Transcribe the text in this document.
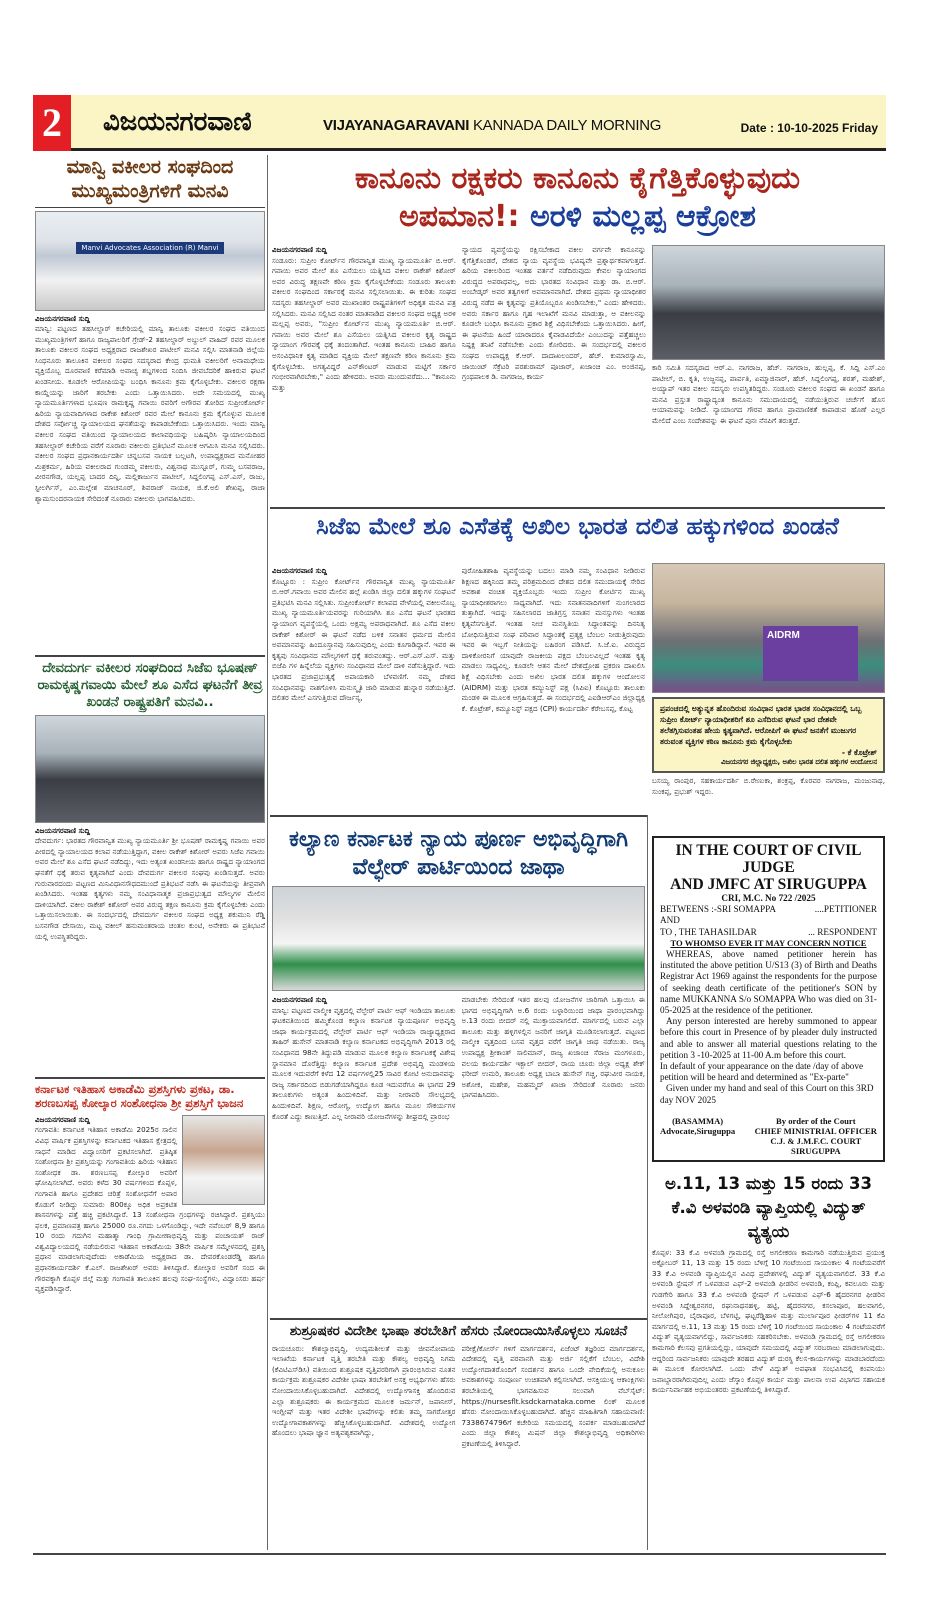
2	ವಿಜಯನಗರವಾಣಿ	VIJAYANAGARAVANI KANNADA DAILY MORNING	Date : 10-10-2025 Friday
ಮಾನ್ವಿ ವಕೀಲರ ಸಂಘದಿಂದ ಮುಖ್ಯಮಂತ್ರಿಗಳಿಗೆ ಮನವಿ
Manvi Advocates Association (R) Manvi
ವಿಜಯನಗರವಾಣಿ ಸುದ್ದಿ
ಮಾನ್ವಿ: ಪಟ್ಟಣದ ತಹಸೀಲ್ದಾರ್ ಕಚೇರಿಯಲ್ಲಿ ಮಾನ್ವಿ ತಾಲೂಕು ವಕೀಲರ ಸಂಘದ ವತಿಯಿಂದ ಮುಖ್ಯಮಂತ್ರಿಗಳಿಗೆ ಹಾಗೂ ರಾಜ್ಯಪಾಲರಿಗೆ ಗ್ರೇಡ್-2 ತಹಸೀಲ್ದಾರ್ ಅಬ್ದುಲ್ ವಾಹಿದ್ ರವರ ಮೂಲಕ ತಾಲೂಕು ವಕೀಲರ ಸಂಘದ ಅಧ್ಯಕ್ಷರಾದ ರಾಜಶೇಖರ ಪಾಟೀಲ್ ಮನವಿ ಸಲ್ಲಿಸಿ ಮಾತನಾಡಿ ಜಿಲ್ಲೆಯ ಸಿಂಧನೂರು ತಾಲೂಕಿನ ವಕೀಲರ ಸಂಘದ ಸದಸ್ಯರಾದ ಕೇಂದ್ರ ಧುಮತಿ ವಕೀಲರಿಗೆ ಅನಾಮಧೇಯ ವ್ಯಕ್ತಿಯೊಬ್ಬ ದೂರವಾಣಿ ಕರೆಮಾಡಿ ಅವಾಚ್ಯ ಶಬ್ದಗಳಿಂದ ನಿಂದಿಸಿ ಜೀವಬೆದರಿಕೆ ಹಾಕಿರುವ ಘಟನೆ ಖಂಡನೀಯ. ಕೂಡಲೇ ಆರೋಪಿಯನ್ನು ಬಂಧಿಸಿ ಕಾನೂನು ಕ್ರಮ ಕೈಗೊಳ್ಳಬೇಕು. ವಕೀಲರ ರಕ್ಷಣಾ ಕಾಯ್ದೆಯನ್ನು ಜಾರಿಗೆ ತರಬೇಕು ಎಂದು ಒತ್ತಾಯಿಸಿದರು. ಅದೇ ಸಮಯದಲ್ಲಿ ಮುಖ್ಯ ನ್ಯಾಯಮೂರ್ತಿಗಳಾದ ಭೂಷಣ ರಾಮಕೃಷ್ಣ ಗವಾಯಿ ರವರಿಗೆ ಅಗೌರವ ತೋರಿದ ಸುಪ್ರೀಂಕೋರ್ಟ್ ಹಿರಿಯ ನ್ಯಾಯವಾದಿಗಳಾದ ರಾಕೇಶ ಕಿಶೋರ್ ರವರ ಮೇಲೆ ಕಾನೂನು ಕ್ರಮ ಕೈಗೊಳ್ಳುವ ಮೂಲಕ ದೇಶದ ಸರ್ವೋಚ್ಚ ನ್ಯಾಯಾಲಯದ ಘನತೆಯನ್ನು ಕಾಪಾಡಬೇಕೆಂದು ಒತ್ತಾಯಿಸಿದರು. ಇಂದು ಮಾನ್ವಿ ವಕೀಲರ ಸಂಘದ ವತಿಯಿಂದ ನ್ಯಾಯಾಲಯದ ಕಾಲಾವಧಿಯನ್ನು ಬಹಿಷ್ಕರಿಸಿ ನ್ಯಾಯಾಲಯದಿಂದ ತಹಸೀಲ್ದಾರ್ ಕಚೇರಿಯ ವರೆಗೆ ನೂರಾರು ವಕೀಲರು ಪ್ರತಿಭಟನೆ ಮೂಲಕ ಆಗಮಿಸಿ ಮನವಿ ಸಲ್ಲಿಸಿದರು. ವಕೀಲರ ಸಂಘದ ಪ್ರಧಾನಕಾರ್ಯದರ್ಶಿ ಚನ್ನಬಸವ ನಾಯಕ ಬಲ್ಲಟಗಿ, ಉಪಾಧ್ಯಕ್ಷರಾದ ಮನೋಹರ ಮಿಶ್ರಕರ್ಮ, ಹಿರಿಯ ವಕೀಲರಾದ ಗುಂಡಮ್ಮ ವಕೀಲರು, ವಿಶ್ವನಾಥ ಮುಸ್ಟೂರ್, ಗುಮ್ಮ ಬಸವರಾಜ, ವೀರನಗೌಡ, ಯಲ್ಲಪ್ಪ ಬಾದರ ದಿನ್ನಿ, ಮಲ್ಲಿಕಾರ್ಜುನ ಪಾಟೀಲ್, ಸಿದ್ದಲಿಂಗಪ್ಪ ಎಸ್.ಎಸ್, ರಾಜು, ಸ್ಟೀಲರ್ಗಿಸ್, ಎಂ.ಮಲ್ಲೇಶ ಮಾಚನೂರ್, ಶಿವರಾಜ್ ನಾಯಕ, ಜಿ.ಕೆ.ಅಲಿ ಶೇಖಪ್ಪ, ರಾಜಾ ಶ್ಯಾಮಸುಂದರನಾಯಕ ಸೇರಿದಂತೆ ನೂರಾರು ವಕೀಲರು ಭಾಗವಹಿಸಿದರು.
ದೇವದುರ್ಗ ವಕೀಲರ ಸಂಘದಿಂದ ಸಿಜೆಐ ಭೂಷಣ್ ರಾಮಕೃಷ್ಣಗವಾಯಿ ಮೇಲೆ ಶೂ ಎಸೆದ ಘಟನೆಗೆ ತೀವ್ರ ಖಂಡನೆ ರಾಷ್ಟ್ರಪತಿಗೆ ಮನವಿ..
ವಿಜಯನಗರವಾಣಿ ಸುದ್ದಿ
ದೇವದುರ್ಗ: ಭಾರತದ ಗೌರವಾನ್ವಿತ ಮುಖ್ಯ ನ್ಯಾಯಮೂರ್ತಿ ಶ್ರೀ ಭೂಷಣ್ ರಾಮಕೃಷ್ಣ ಗವಾಯಿ ಅವರ ಪೀಠದಲ್ಲಿ ನ್ಯಾಯಾಲಯದ ಕಲಾಪ ನಡೆಯುತ್ತಿದ್ದಾಗ, ವಕೀಲ ರಾಕೇಶ್ ಕಿಶೋರ್ ಅವರು ಸಿಜೆಐ ಗವಾಯಿ ಅವರ ಮೇಲೆ ಶೂ ಎಸೆದ ಘಟನೆ ನಡೆದಿದ್ದು, ಇದು ಅತ್ಯಂತ ಖಂಡನೀಯ ಹಾಗೂ ರಾಷ್ಟ್ರದ ನ್ಯಾಯಾಂಗದ ಘನತೆಗೆ ಧಕ್ಕೆ ತರುವ ಕೃತ್ಯವಾಗಿದೆ ಎಂದು ದೇವದುರ್ಗ ವಕೀಲರ ಸಂಘವು ಖಂಡಿಸುತ್ತದೆ. ಅವರು ಗುರುವಾರದಂದು ಪಟ್ಟಣದ ಮಿನಿವಿಧಾನಸೌಧದಮುಂದೆ ಪ್ರತಿಭಟನೆ ನಡೆಸಿ ಈ ಘಟನೆಯನ್ನು ತೀವ್ರವಾಗಿ ಖಂಡಿಸಿದರು. ಇಂತಹ ಕೃತ್ಯಗಳು ನಮ್ಮ ಸಂವಿಧಾನಾತ್ಮಕ ಪ್ರಜಾಪ್ರಭುತ್ವದ ಮೌಲ್ಯಗಳ ಮೇಲಿನ ದಾಳಿಯಾಗಿದೆ. ವಕೀಲ ರಾಕೇಶ್ ಕಿಶೋರ್ ಅವರ ವಿರುದ್ಧ ತಕ್ಷಣ ಕಾನೂನು ಕ್ರಮ ಕೈಗೊಳ್ಳಬೇಕು ಎಂದು ಒತ್ತಾಯಿಸಲಾಯಿತು. ಈ ಸಂದರ್ಭದಲ್ಲಿ ದೇವದುರ್ಗ ವಕೀಲರ ಸಂಘದ ಅಧ್ಯಕ್ಷ ಶಕುಮುನಿ ರೆಡ್ಡಿ ಬಸನಗೌಡ ದೇಸಾಯಿ, ಮಟ್ಟ ವಕೀಲ್ ಹನುಮಂತರಾಯ ಚಂತಲ ಕುಂಟಿ, ಅನೇಕರು ಈ ಪ್ರತಿಭಟನೆ ಯಲ್ಲಿ ಉಪಸ್ಥಿತರಿದ್ದರು.
ಕರ್ನಾಟಕ ಇತಿಹಾಸ ಅಕಾಡೆಮಿ ಪ್ರಶಸ್ತಿಗಳು ಪ್ರಕಟ, ಡಾ. ಶರಣಬಸಪ್ಪ ಕೋಲ್ಕಾರ ಸಂಶೋಧನಾ ಶ್ರೀ ಪ್ರಶಸ್ತಿಗೆ ಭಾಜನ
ವಿಜಯನಗರವಾಣಿ ಸುದ್ದಿ
ಗಂಗಾವತಿ: ಕರ್ನಾಟಕ ಇತಿಹಾಸ ಅಕಾಡೆಮಿ 2025ರ ಸಾಲಿನ ವಿವಿಧ ವಾರ್ಷಿಕ ಪ್ರಶಸ್ತಿಗಳನ್ನು ಕರ್ನಾಟಕದ ಇತಿಹಾಸ ಕ್ಷೇತ್ರದಲ್ಲಿ ಸಾಧನೆ ಮಾಡಿದ ವಿದ್ವಾಂಸರಿಗೆ ಪ್ರಕಟಿಸಲಾಗಿದೆ. ಪ್ರತಿಷ್ಠಿತ ಸಂಶೋಧನಾ ಶ್ರೀ ಪ್ರಶಸ್ತಿಯನ್ನು ಗಂಗಾವತಿಯ ಹಿರಿಯ ಇತಿಹಾಸ ಸಂಶೋಧಕ ಡಾ. ಶರಣಬಸಪ್ಪ ಕೋಲ್ಕಾರ ಅವರಿಗೆ ಘೋಷಿಸಲಾಗಿದೆ. ಅವರು ಕಳೆದ 30 ವರ್ಷಗಳಿಂದ ಕೊಪ್ಪಳ, ಗಂಗಾವತಿ ಹಾಗೂ ಪ್ರದೇಶದ ಚರಿತ್ರೆ ಸಂಶೋಧನೆಗೆ ಅಪಾರ ಕೊಡುಗೆ ನೀಡಿದ್ದು ಸುಮಾರು 800ಕ್ಕೂ ಅಧಿಕ ಅಪ್ರಕಟಿತ ಶಾಸನಗಳನ್ನು ಪತ್ತೆ ಹಚ್ಚಿ ಪ್ರಕಟಿಸಿದ್ದಾರೆ. 13 ಸಂಶೋಧನಾ ಗ್ರಂಥಗಳನ್ನು ರಚಿಸಿದ್ದಾರೆ. ಪ್ರಶಸ್ತಿಯು ಫಲಕ, ಪ್ರಮಾಣಪತ್ರ ಹಾಗೂ 25000 ರೂ.ನಗದು ಒಳಗೊಂಡಿದ್ದು, ಇದೇ ನವೆಂಬರ್ 8,9 ಹಾಗೂ 10 ರಂದು ಗದುಗಿನ ಮಹಾತ್ಮಾ ಗಾಂಧಿ ಗ್ರಾಮೀಣಾಭಿವೃದ್ಧಿ ಮತ್ತು ಪಂಚಾಯತ್ ರಾಜ್ ವಿಶ್ವವಿದ್ಯಾಲಯದಲ್ಲಿ ನಡೆಯಲಿರುವ ಇತಿಹಾಸ ಅಕಾಡೆಮಿಯ 38ನೇ ವಾರ್ಷಿಕ ಸಮ್ಮೇಳನದಲ್ಲಿ ಪ್ರಶಸ್ತಿ ಪ್ರಧಾನ ಮಾಡಲಾಗುವುದೆಂದು ಅಕಾಡೆಮಿಯ ಅಧ್ಯಕ್ಷರಾದ ಡಾ. ದೇವರಕೊಂಡರೆಡ್ಡಿ ಹಾಗೂ ಪ್ರಧಾನಕಾರ್ಯದರ್ಶಿ ಕೆ.ಎಲ್. ರಾಜಶೇಖರ್ ಅವರು ತಿಳಿಸಿದ್ದಾರೆ. ಕೋಲ್ಕಾರ ಅವರಿಗೆ ಸಂದ ಈ ಗೌರವಕ್ಕಾಗಿ ಕೊಪ್ಪಳ ಜಿಲ್ಲೆ ಮತ್ತು ಗಂಗಾವತಿ ತಾಲೂಕಿನ ಹಲವು ಸಂಘ-ಸಂಸ್ಥೆಗಳು, ವಿದ್ವಾಂಸರು ಹರ್ಷ ವ್ಯಕ್ತಪಡಿಸಿದ್ದಾರೆ.
ಕಾನೂನು ರಕ್ಷಕರು ಕಾನೂನು ಕೈಗೆತ್ತಿಕೊಳ್ಳುವುದು
ಅಪಮಾನ!: ಅರಳಿ ಮಲ್ಲಪ್ಪ ಆಕ್ರೋಶ
ವಿಜಯನಗರವಾಣಿ ಸುದ್ದಿ
ಸಂಡೂರು: ಸುಪ್ರೀಂ ಕೋರ್ಟ್‌ನ ಗೌರವಾನ್ವಿತ ಮುಖ್ಯ ನ್ಯಾಯಮೂರ್ತಿ ಬಿ.ಆರ್. ಗವಾಯಿ ಅವರ ಮೇಲೆ ಶೂ ಎಸೆಯಲು ಯತ್ನಿಸಿದ ವಕೀಲ ರಾಕೇಶ್ ಕಿಶೋರ್ ಅವರ ವಿರುದ್ಧ ತಕ್ಷಣವೇ ಕಠಿಣ ಕ್ರಮ ಕೈಗೊಳ್ಳಬೇಕೆಂದು ಸಂಡೂರು ತಾಲೂಕು ವಕೀಲರ ಸಂಘದಿಂದ ಸರ್ಕಾರಕ್ಕೆ ಮನವಿ ಸಲ್ಲಿಸಲಾಯಿತು. ಈ ಕುರಿತು ಸಂಘದ ಸದಸ್ಯರು ತಹಸೀಲ್ದಾರ್ ಅವರ ಮುಖಾಂತರ ರಾಷ್ಟ್ರಪತಿಗಳಿಗೆ ಅಧಿಕೃತ ಮನವಿ ಪತ್ರ ಸಲ್ಲಿಸಿದರು. ಮನವಿ ಸಲ್ಲಿಸಿದ ನಂತರ ಮಾತನಾಡಿದ ವಕೀಲರ ಸಂಘದ ಅಧ್ಯಕ್ಷ ಅರಳಿ ಮಲ್ಲಪ್ಪ ಅವರು, "ಸುಪ್ರೀಂ ಕೋರ್ಟ್‌ನ ಮುಖ್ಯ ನ್ಯಾಯಮೂರ್ತಿ ಬಿ.ಆರ್. ಗವಾಯಿ ಅವರ ಮೇಲೆ ಶೂ ಎಸೆಯಲು ಯತ್ನಿಸಿದ ವಕೀಲರ ಕೃತ್ಯ ರಾಷ್ಟ್ರದ ನ್ಯಾಯಾಂಗ ಗೌರವಕ್ಕೆ ಧಕ್ಕೆ ತಂದಂತಾಗಿದೆ. ಇಂತಹ ಕಾನೂನು ಬಾಹಿರ ಹಾಗೂ ಅಸಂವಿಧಾನಿಕ ಕೃತ್ಯ ಮಾಡಿದ ವ್ಯಕ್ತಿಯ ಮೇಲೆ ತಕ್ಷಣವೇ ಕಠಿಣ ಕಾನೂನು ಕ್ರಮ ಕೈಗೊಳ್ಳಬೇಕು. ಅಗತ್ಯವಿದ್ದರೆ ಎನ್‌ಕೌಂಟರ್ ಮಾಡುವ ಮಟ್ಟಿಗೆ ಸರ್ಕಾರ ಗಂಭೀರವಾಗಿರಬೇಕು," ಎಂದು ಹೇಳಿದರು. ಅವರು ಮುಂದುವರೆದು... "ಕಾನೂನು ಮತ್ತು
ನ್ಯಾಯದ ವ್ಯವಸ್ಥೆಯನ್ನು ರಕ್ಷಿಸಬೇಕಾದ ವಕೀಲ ವರ್ಗವೇ ಕಾನೂನನ್ನು ಕೈಗೆತ್ತಿಕೊಂಡರೆ, ದೇಶದ ನ್ಯಾಯ ವ್ಯವಸ್ಥೆಯ ಭವಿಷ್ಯವೇ ಪ್ರಶ್ನಾರ್ಥಕವಾಗುತ್ತದೆ. ಹಿರಿಯ ವಕೀಲರಿಂದ ಇಂತಹ ವರ್ತನೆ ನಡೆದಿರುವುದು ಕೇವಲ ನ್ಯಾಯಾಂಗದ ವಿರುದ್ಧದ ಅಪರಾಧವಲ್ಲ, ಅದು ಭಾರತದ ಸಂವಿಧಾನ ಮತ್ತು ಡಾ. ಬಿ.ಆರ್. ಅಂಬೇಡ್ಕರ್ ಅವರ ತತ್ವಗಳಿಗೆ ಅವಮಾನವಾಗಿದೆ. ದೇಶದ ಪ್ರಥಮ ನ್ಯಾಯಾಧೀಶರ ವಿರುದ್ಧ ನಡೆದ ಈ ಕೃತ್ಯವನ್ನು ಪ್ರತಿಯೊಬ್ಬರೂ ಖಂಡಿಸಬೇಕು," ಎಂದು ಹೇಳಿದರು. ಅವರು ಸರ್ಕಾರ ಹಾಗೂ ಗೃಹ ಇಲಾಖೆಗೆ ಮನವಿ ಮಾಡುತ್ತಾ, ಆ ವಕೀಲನನ್ನು ಕೂಡಲೇ ಬಂಧಿಸಿ ಕಾನೂನು ಪ್ರಕಾರ ಶಿಕ್ಷೆ ವಿಧಿಸಬೇಕೆಂದು ಒತ್ತಾಯಿಸಿದರು. ಹೀಗೆ, ಈ ಘಟನೆಯ ಹಿಂದೆ ಯಾರಾದರೂ ಕೈವಾಡವಿದೆಯೇ ಎಂಬುದನ್ನು ಪತ್ತೆಹಚ್ಚಲು ನಿಷ್ಪಕ್ಷ ತನಿಖೆ ನಡೆಸಬೇಕು ಎಂದು ಕೋರಿದರು. ಈ ಸಂದರ್ಭದಲ್ಲಿ ವಕೀಲರ ಸಂಘದ ಉಪಾಧ್ಯಕ್ಷ ಕೆ.ಆರ್. ದಾದಾಖಲಂದರ್, ಹೆಚ್. ಕುಮಾರಸ್ವಾಮಿ, ಜಾಯಿಂಟ್ ಸೆಕ್ರೆಟರಿ ಪರಶುರಾಮ್ ಪೂಜಾರ್, ಖಜಾಂಚಿ ಎಂ. ಅಂಜಿನಪ್ಪ, ಗ್ರಂಥಪಾಲಕ ಡಿ. ನಾಗರಾಜ, ಕಾರ್ಯ
ಕಾರಿ ಸಮಿತಿ ಸದಸ್ಯರಾದ ಆರ್.ಎ. ನಾಗರಾಜ, ಹೆಚ್. ನಾಗರಾಜ, ಹುಲ್ಲಪ್ಪ, ಕೆ. ಸಿದ್ದಿ ಎಸ್.ಎಂ ಪಾಟೀಲ್, ಬಿ. ಕೃತಿ, ಉಜ್ಜನಪ್ಪ, ಪಾರ್ವತಿ, ಏಮ್ಮಾಜಿನಾರ್, ಹೆಚ್. ಸಿದ್ದಲಿಂಗಪ್ಪ, ಶರತ್, ಮಹೇಶ್, ಅಯ್ಯಾಪ್ ಇತರ ವಕೀಲ ಸದಸ್ಯರು ಉಪಸ್ಥಿತರಿದ್ದರು. ಸಂಡೂರು ವಕೀಲರ ಸಂಘದ ಈ ಖಂಡನೆ ಹಾಗೂ ಮನವಿ ಪ್ರಸ್ತುತ ರಾಷ್ಟ್ರಾದ್ಯಂತ ಕಾನೂನು ಸಮುದಾಯದಲ್ಲಿ ನಡೆಯುತ್ತಿರುವ ಚರ್ಚೆಗೆ ಹೊಸ ಆಯಾಮವನ್ನು ನೀಡಿದೆ. ನ್ಯಾಯಾಂಗದ ಗೌರವ ಹಾಗೂ ಪ್ರಾಮಾಣಿಕತೆ ಕಾಪಾಡುವ ಹೊಣೆ ಎಲ್ಲರ ಮೇಲಿದೆ ಎಂಬ ಸಂದೇಶವನ್ನು ಈ ಘಟನೆ ಪುನಃ ನೆನಪಿಗೆ ತರುತ್ತದೆ.
ಸಿಜೆಐ ಮೇಲೆ ಶೂ ಎಸೆತಕ್ಕೆ ಅಖಿಲ ಭಾರತ ದಲಿತ ಹಕ್ಕುಗಳಿಂದ ಖಂಡನೆ
ವಿಜಯನಗರವಾಣಿ ಸುದ್ದಿ
ಕೊಟ್ಟೂರು : ಸುಪ್ರೀಂ ಕೋರ್ಟ್‌ನ ಗೌರವಾನ್ವಿತ ಮುಖ್ಯ ನ್ಯಾಯಮೂರ್ತಿ ಬಿ.ಆರ್.ಗವಾಯಿ ಅವರ ಮೇಲಿನ ಹಲ್ಲೆ ಖಂಡಿಸಿ ಜಿಲ್ಲಾ ದಲಿತ ಹಕ್ಕುಗಳ ಸಂಘಟನೆ ಪ್ರತಿಭಟಿಸಿ ಮನವಿ ಸಲ್ಲಿಸಿತು. ಸುಪ್ರೀಂಕೋರ್ಟ್ ಕಲಾಪದ ವೇಳೆಯಲ್ಲಿ ವಕೀಲನೊಬ್ಬ ಮುಖ್ಯ ನ್ಯಾಯಮೂರ್ತಿಯವರನ್ನು ಗುರಿಯಾಗಿಸಿ ಶೂ ಎಸೆದ ಘಟನೆ ಭಾರತದ ನ್ಯಾಯಾಂಗ ವ್ಯವಸ್ಥೆಯಲ್ಲಿ ಒಂದು ಅಕ್ಷಮ್ಯ ಅಪರಾಧವಾಗಿದೆ. ಶೂ ಎಸೆದ ವಕೀಲ ರಾಕೇಶ್ ಕಿಶೋರ್ ಈ ಘಟನೆ ನಡೆದ ಬಳಿಕ ಸನಾತನ ಧರ್ಮದ ಮೇಲಿನ ಅವಮಾನವನ್ನು ಹಿಂದೂಸ್ತಾನವು ಸಹಿಸುವುದಿಲ್ಲ ಎಂದು ಕೂಗಾಡಿದ್ದಾನೆ. ಇವರ ಈ ಕೃತ್ಯವು ಸಂವಿಧಾನದ ಮೌಲ್ಯಗಳಿಗೆ ಧಕ್ಕೆ ತರುವಂತದ್ದು. ಆರ್.ಎಸ್.ಎಸ್. ಮತ್ತು ಬಿಜೆಪಿ ಗಳ ಹಿನ್ನೆಲೆಯ ವ್ಯಕ್ತಿಗಳು ಸಂವಿಧಾನದ ಮೇಲೆ ದಾಳಿ ನಡೆಸುತ್ತಿದ್ದಾರೆ. ಇದು ಭಾರತದ ಪ್ರಜಾಪ್ರಭುತ್ವಕ್ಕೆ ಅಪಾಯಕಾರಿ ಬೆಳವಣಿಗೆ. ನಮ್ಮ ದೇಶದ ಸಂವಿಧಾನವನ್ನು ನಾಶಗೊಳಿಸಿ ಮನುಸ್ಮೃತಿ ಜಾರಿ ಮಾಡುವ ಹುನ್ನಾರ ನಡೆಯುತ್ತಿದೆ. ದಲಿತರ ಮೇಲೆ ಎಸಗುತ್ತಿರುವ ದೌರ್ಜನ್ಯ,
ಪುರೋಹಿತಶಾಹಿ ವ್ಯವಸ್ಥೆಯನ್ನು ಬದಲು ಮಾಡಿ ನಮ್ಮ ಸಂವಿಧಾನ ನೀಡಿರುವ ಶಿಕ್ಷಣದ ಹಕ್ಕಿನಿಂದ ತಮ್ಮ ಪರಿಶ್ರಮದಿಂದ ದೇಶದ ದಲಿತ ಸಮುದಾಯಕ್ಕೆ ಸೇರಿದ ಅವಕಾಶ ವಂಚಿತ ವ್ಯಕ್ತಿಯೊಬ್ಬರು ಇಂದು ಸುಪ್ರೀಂ ಕೋರ್ಟಿನ ಮುಖ್ಯ ನ್ಯಾಯಾಧೀಶರಾಗಲು ಸಾಧ್ಯವಾಗಿದೆ. ಇದು ಸನಾತನವಾದಿಗಳಿಗೆ ನುಂಗಲಾರದ ತುತ್ತಾಗಿದೆ. ಇದನ್ನು ಸಹಿಸಲಾರದ ಜಾತಿಗ್ರಸ್ತ ಸನಾತನ ಮನಸ್ಸುಗಳು ಇಂತಹ ಕೃತ್ಯವೆಸಗುತ್ತಿವೆ. ಇಂತಹ ನೀಚ ಮನಸ್ಥಿತಿಯ ಸಿದ್ಧಾಂತವನ್ನು ದಿನನಿತ್ಯ ಬೋಧಿಸುತ್ತಿರುವ ಸಂಘ ಪರಿವಾರ ಸಿದ್ಧಾಂತಕ್ಕೆ ಪ್ರತ್ಯಕ್ಷ ಬೆಂಬಲ ನೀಡುತ್ತಿರುವುದು ಇವರ ಈ ಇಬ್ಬಗೆ ನೀತಿಯನ್ನು ಬಹಿರಂಗ ಪಡಿಸಿದೆ. ಸಿ.ಜೆ.ಐ. ವಿರುದ್ಧದ ದಾಳಿಕೋರನಿಗೆ ಯಾವುದೇ ರಾಜಕೀಯ ಪಕ್ಷದ ಬೆಂಬಲವಿಲ್ಲದೆ ಇಂತಹ ಕೃತ್ಯ ಮಾಡಲು ಸಾಧ್ಯವಿಲ್ಲ. ಕೂಡಲೇ ಆತನ ಮೇಲೆ ದೇಶದ್ರೋಹ ಪ್ರಕರಣ ದಾಖಲಿಸಿ ಶಿಕ್ಷೆ ವಿಧಿಸಬೇಕು ಎಂದು ಅಖಿಲ ಭಾರತ ದಲಿತ ಹಕ್ಕುಗಳ ಆಂದೋಲನ (AIDRM) ಮತ್ತು ಭಾರತ ಕಮ್ಯುನಿಸ್ಟ್ ಪಕ್ಷ (ಸಿಪಿಐ) ಕೊಟ್ಟೂರು ತಾಲೂಕು ಮಂಡಳಿ ಈ ಮೂಲಕ ಆಗ್ರಹಿಸುತ್ತದೆ. ಈ ಸಂದರ್ಭದಲ್ಲಿ ಎಐಡಿಆರ್‌ಎಂ ಜಿಲ್ಲಾಧ್ಯಕ್ಷ ಕೆ. ಕೊಟ್ರೇಶ್, ಕಮ್ಯೂನಿಸ್ಟ್ ಪಕ್ಷದ (CPI) ಕಾರ್ಯದರ್ಶಿ ಕೆರೇಬಸಪ್ಪ, ಕೊಟ್ಟ
AIDRM
ಪ್ರಪಂಚದಲ್ಲಿ ಅತ್ಯುನ್ನತ ಹೊಂದಿರುವ ಸಂವಿಧಾನ ಭಾರತ ಭಾರತ ಸಂವಿಧಾನದಲ್ಲಿ ಒಬ್ಬ ಸುಪ್ರೀಂ ಕೋರ್ಟ್ ನ್ಯಾಯಾಧೀಶರಿಗೆ ಶೂ ಎಸೆದಿರುವ ಘಟನೆ ಭಾರ ದೇಶವೇ ತಲೆತಗ್ಗಿಸುವಂತಹ ಹೇಯ ಕೃತ್ಯವಾಗಿದೆ. ಆರೋಪಿಗೆ ಈ ಘಟನೆ ಜನತೆಗೆ ಮುಜುಗರ ತರುವಂತ ವ್ಯಕ್ತಿಗಳ ಕಠಿಣ ಕಾನೂನು ಕ್ರಮ ಕೈಗೊಳ್ಳಬೇಕು
- ಕೆ ಕೊಟ್ರೇಶ್
ವಿಜಯನಗರ ಜಿಲ್ಲಾಧ್ಯಕ್ಷರು, ಅಖಿಲ ಭಾರತ ದಲಿತ ಹಕ್ಕುಗಳ ಆಂದೋಲನ
ಬಸಯ್ಯ ರಾಂಪುರ, ಸಹಕಾರ್ಯದರ್ಶಿ ಬಿ.ರೇಣುಕಾ, ಶಂಕ್ರಪ್ಪ, ಕೊರವರ ನಾಗರಾಜ, ಮಂಜುನಾಥ, ಸುಂಕಪ್ಪ, ಪ್ರಭುಶ್ ಇದ್ದರು.
ಕಲ್ಯಾಣ ಕರ್ನಾಟಕ ನ್ಯಾಯ ಪೂರ್ಣ ಅಭಿವೃದ್ಧಿಗಾಗಿ ವೆಲ್ಫೇರ್ ಪಾರ್ಟಿಯಿಂದ ಜಾಥಾ
ವಿಜಯನಗರವಾಣಿ ಸುದ್ದಿ
ಮಾನ್ವಿ: ಪಟ್ಟಣದ ವಾಲ್ಮೀಕಿ ವೃತ್ತದಲ್ಲಿ ವೆಲ್ಫೇರ್ ಪಾರ್ಟಿ ಆಫ್ ಇಂಡಿಯಾ ತಾಲೂಕು ಘಟಕವತಿಯಿಂದ ಹಮ್ಮಿಕೊಂಡ ಕಲ್ಯಾಣ ಕರ್ನಾಟಕ ನ್ಯಾಯಪೂರ್ಣ ಅಭಿವೃದ್ಧಿ ಜಾಥಾ ಕಾರ್ಯಕ್ರಮದಲ್ಲಿ ವೆಲ್ಫೇರ್ ಪಾರ್ಟಿ ಆಫ್ ಇಂಡಿಯಾ ರಾಜ್ಯಾಧ್ಯಕ್ಷರಾದ ತಾಹಿರ್ ಹುಸೇನ್ ಮಾತನಾಡಿ ಕಲ್ಯಾಣ ಕರ್ನಾಟಕದ ಅಭಿವೃದ್ಧಿಗಾಗಿ 2013 ರಲ್ಲಿ ಸಂವಿಧಾನದ 98ನೇ ತಿದ್ದುಪಡಿ ಮಾಡುವ ಮೂಲಕ ಕಲ್ಯಾಣ ಕರ್ನಾಟಕಕ್ಕೆ ವಿಶೇಷ ಸ್ಥಾನಮಾನ ದೊರೆತ್ತಿದ್ದು ಕಲ್ಯಾಣ ಕರ್ನಾಟಕ ಪ್ರದೇಶ ಅಭಿವೃದ್ಧಿ ಮಂಡಳಿಯ ಮೂಲಕ ಇದುವರೆಗೆ ಕಳೆದ 12 ವರ್ಷಗಳಲ್ಲಿ25 ಸಾವಿರ ಕೋಟಿ ಅನುದಾನವನ್ನು ರಾಜ್ಯ ಸರ್ಕಾರದಿಂದ ಬಿಡುಗಡೆಯಾಗಿದ್ದರೂ ಕೂಡ ಇದುವರೆಗೂ ಈ ಭಾಗದ 29 ತಾಲೂಕುಗಳು ಅತ್ಯಂತ ಹಿಂದುಳಿದಿವೆ. ಮತ್ತು ನೀರಾವರಿ ಸೌಲಭ್ಯದಲ್ಲಿ ಹಿಂದುಳಿದಿವೆ. ಶಿಕ್ಷಣ, ಆರೋಗ್ಯ, ಉದ್ಯೋಗ ಹಾಗೂ ಮೂಲ ಸೌಕರ್ಯಗಳ ಕೊರತೆ ಎದ್ದು ಕಾಣುತ್ತಿದೆ. ಎಲ್ಲ ನೀರಾವರಿ ಯೋಜನೆಗಳನ್ನು ಶೀಘ್ರದಲ್ಲಿ ಪ್ರಾರಂಭ
ಮಾಡಬೇಕು ಸೇರಿದಂತೆ ಇತರ ಹಲವು ಯೋಜನೆಗಳ ಜಾರಿಗಾಗಿ ಒತ್ತಾಯಿಸಿ ಈ ಭಾಗದ ಅಭಿವೃದ್ಧಿಗಾಗಿ ಅ.6 ರಂದು ಬಳ್ಳಾರಿಯಿಂದ ಜಾಥಾ ಪ್ರಾರಂಭವಾಗಿದ್ದು ಅ.13 ರಂದು ಬೀದರ್ ನಲ್ಲಿ ಮುಕ್ತಾಯವಾಗಲಿದೆ. ಮಾರ್ಗದಲ್ಲಿ ಬರುವ ಎಲ್ಲಾ ತಾಲೂಕು ಮತ್ತು ಹಳ್ಳಿಗಳಲ್ಲಿನ ಜನರಿಗೆ ಜಾಗೃತಿ ಮೂಡಿಸಲಾಗುತ್ತದೆ. ಪಟ್ಟಣದ ವಾಲ್ಮೀಕಿ ವೃತ್ತದಿಂದ ಬಸವ ವೃತ್ತದ ವರೆಗೆ ಜಾಗೃತಿ ಜಾಥ ನಡೆಯಿತು. ರಾಜ್ಯ ಉಪಾಧ್ಯಕ್ಷ ಶ್ರೀಕಾಂತ್ ಸಾಲಿಮಾನ್, ರಾಜ್ಯ ಖಜಾಂಚಿ ಸೆರಾಜ ಮಂಗಳೂರು, ವಲಯ ಕಾರ್ಯದರ್ಶಿ ಇಕ್ಬಾಲ್ ಬೀದರ್, ರಾಯ ಚೂರು ಜಿಲ್ಲಾ ಅಧ್ಯಕ್ಷ ಶೇಕ್ ಫರೀದ್ ಉಮರಿ, ತಾಲೂಕು ಅಧ್ಯಕ್ಷ ಬಾಬಾ ಹುಸೇನ್ ಗಚ್ಚಿ, ರಘುವೀರ ನಾಯಕ, ಅಶೋಕ, ಮಹೇಶ, ಮಹಮ್ಮದ್ ಖಾಜಾ ಸೇರಿದಂತೆ ನೂರಾರು ಜನರು ಭಾಗವಹಿಸಿದರು.
ಶುಶ್ರೂಷಕರ ವಿದೇಶೀ ಭಾಷಾ ತರಬೇತಿಗೆ ಹೆಸರು ನೋಂದಾಯಿಸಿಕೊಳ್ಳಲು ಸೂಚನೆ
ರಾಯಚೂರು: ಕೌಶಲ್ಯಾಭಿವೃದ್ಧಿ, ಉದ್ಯಮಶೀಲತೆ ಮತ್ತು ಜೀವನೋಪಾಯ ಇಲಾಖೆಯ ಕರ್ನಾಟಕ ವೃತ್ತಿ ತರಬೇತಿ ಮತ್ತು ಕೌಶಲ್ಯ ಅಭಿವೃದ್ಧಿ ನಿಗಮ (ಕೆವಿಟಿಎಸ್‌ಡಿಸಿ) ವತಿಯಿಂದ ಶುಶ್ರೂಷಕ ವೃತ್ತಿಪರರಿಗಾಗಿ ಪ್ರಾರಂಭಿಸಿರುವ ನೂತನ ಕಾರ್ಯಕ್ರಮ ಶುಶ್ರೂಷಕರ ವಿದೇಶೀ ಭಾಷಾ ತರಬೇತಿಗೆ ಅಸಕ್ತ ಅಭ್ಯರ್ಥಿಗಳು ಹೆಸರು ನೋಂದಾಯಿಸಿಕೊಳ್ಳಬಹುದಾಗಿದೆ. ವಿದೇಶದಲ್ಲಿ ಉದ್ಯೋಗಾಸಕ್ತಿ ಹೊಂದಿರುವ ಎಲ್ಲಾ ಶುಶ್ರೂಷಕರು ಈ ಕಾರ್ಯಕ್ರಮದ ಮೂಲಕ ಜರ್ಮನ್, ಜಪಾನೀಸ್, ಇಂಗ್ಲೀಷ್ ಮತ್ತು ಇತರ ವಿದೇಶೀ ಭಾಷೆಗಳನ್ನು ಕಲಿತು ತಮ್ಮ ಸಾಗರೋತ್ತರ ಉದ್ಯೋಗಾವಕಾಶಗಳನ್ನು ಹೆಚ್ಚಿಸಿಕೊಳ್ಳಬಹುದಾಗಿದೆ. ವಿದೇಶದಲ್ಲಿ ಉದ್ಯೋಗ ಹೊಂದಲು ಭಾಷಾ ಜ್ಞಾನ ಅತ್ಯವಶ್ಯಕವಾಗಿದ್ದು,
ಪರೀಕ್ಷೆ/ಕೋರ್ಸ್ ಗಳಿಗೆ ಮಾರ್ಗದರ್ಶನ, ಏಜೆಂಟ್ ತಜ್ಞರಿಂದ ಮಾರ್ಗದರ್ಶನ, ವಿದೇಶದಲ್ಲಿ ವೃತ್ತಿ ಪರವಾನಗಿ ಮತ್ತು ಅರ್ಜಿ ಸಲ್ಲಿಕೆಗೆ ಬೆಂಬಲ, ವಿದೇಶಿ ಉದ್ಯೋಗದಾತರೊಂದಿಗೆ ಸಂದರ್ಶನ ಹಾಗೂ ಒಂದೇ ವೇದಿಕೆಯಲ್ಲಿ ಅನುಕೂಲ ಅವಕಾಶಗಳನ್ನು ಸಂಪೂರ್ಣ ಉಚಿತವಾಗಿ ಕಲ್ಪಿಸಲಾಗಿದೆ. ಆಸಕ್ತಿಯುಳ್ಳ ಆಕಾಂಕ್ಷಿಗಳು ತರಬೇತಿಯಲ್ಲಿ ಭಾಗವಹಿಸುವ ಸಲುವಾಗಿ ವೆಬ್‌ಸೈಟ್: https://nursesflt.ksdckarnataka.come ಲಿಂಕ್ ಮೂಲಕ ಹೆಸರು ನೋಂದಾಯಿಸಿಕೊಳ್ಳಬಹುದಾಗಿದೆ. ಹೆಚ್ಚಿನ ಮಾಹಿತಿಗಾಗಿ ಸಹಾಯವಾಣಿ: 7338674796ಗೆ ಕಚೇರಿಯ ಸಮಯದಲ್ಲಿ ಸಂಪರ್ಕ ಮಾಡಬಹುದಾಗಿದೆ ಎಂದು ಜಿಲ್ಲಾ ಕೌಶಲ್ಯ ಮಿಷನ್ ಜಿಲ್ಲಾ ಕೌಶಲ್ಯಾಭಿವೃದ್ಧಿ ಅಧಿಕಾರಿಗಳು ಪ್ರಕಟಣೆಯಲ್ಲಿ ತಿಳಿಸಿದ್ದಾರೆ.
IN THE COURT OF CIVIL JUDGE
AND JMFC AT SIRUGUPPA
CRI, M.C. No 722 /2025
BETWEENS :-SRI SOMAPPA	....PETITIONER
AND
TO , THE TAHASILDAR	... RESPONDENT
TO WHOMSO EVER IT MAY CONCERN NOTICE
WHEREAS, above named petitioner herein has instituted the above petition U/S13 (3) of Birth and Deaths Registrar Act 1969 against the respondents for the purpose of seeking death certificate of the petitioner's SON by name MUKKANNA S/o SOMAPPA Who was died on 31-05-2025 at the residence of the petitioner.
Any person interested are hereby summoned to appear before this court in Presence of by pleader duly instructed and able to answer all material questions relating to the petition 3 -10-2025 at 11-00 A.m before this court.
In default of your appearance on the date /day of above petition will be heard and determined as "Ex-parte"
Given under my hand and seal of this Court on this 3RD day NOV 2025
(BASAMMA)
Advocate,Siruguppa
By order of the Court
CHIEF MINISTRIAL OFFICER
C.J. & J.M.F.C. COURT
SIRUGUPPA
ಅ.11, 13 ಮತ್ತು 15 ರಂದು 33 ಕೆ.ವಿ ಅಳವಂಡಿ ವ್ಯಾಪ್ತಿಯಲ್ಲಿ ವಿದ್ಯುತ್ ವ್ಯತ್ಯಯ
ಕೊಪ್ಪಳ: 33 ಕೆ.ವಿ ಅಳವಂಡಿ ಗ್ರಾಮದಲ್ಲಿ ರಸ್ತೆ ಅಗಲೀಕರಣ ಕಾಮಗಾರಿ ನಡೆಯುತ್ತಿರುವ ಪ್ರಯುಕ್ತ ಅಕ್ಟೋಬರ್ 11, 13 ಮತ್ತು 15 ರಂದು ಬೆಳಿಗ್ಗೆ 10 ಗಂಟೆಯಿಂದ ಸಾಯಂಕಾಲ 4 ಗಂಟೆಯವರೆಗೆ 33 ಕೆ.ವಿ ಅಳವಂಡಿ ವ್ಯಾಪ್ತಿಯಲ್ಲಿನ ವಿವಿಧ ಪ್ರದೇಶಗಳಲ್ಲಿ ವಿದ್ಯುತ್ ವ್ಯತ್ಯಯವಾಗಲಿದೆ. 33 ಕೆ.ವಿ ಅಳವಂಡಿ ಸ್ಟೇಷನ್ ಗೆ ಒಳಪಡುವ ಎಫ್-2 ಅಳವಂಡಿ ಫೀಡರಿನ ಅಳವಂಡಿ, ಕಂಪ್ಲಿ, ಕವಲೂರು ಮತ್ತು ಗುಡಗೇರಿ ಹಾಗೂ 33 ಕೆ.ವಿ ಅಳವಂಡಿ ಸ್ಟೇಷನ್ ಗೆ ಒಳಪಡುವ ಎಫ್-6 ಹೈದರನಗರ ಫೀಡರಿನ ಅಳವಂಡಿ ಸಿದ್ದೇಶ್ವರನಗರ, ರಘುನಾಥನಹಳ್ಳಿ, ಹಟ್ಟಿ, ಹೈದರನಗರ, ಕಸಲಾಪೂರ, ಹಲವಾಗಲಿ, ನೀಲೋಗಿಪುರ, ಬೈರಾಪೂರ, ಬೆಳಗಟ್ಟಿ, ಘಟ್ಟರೆಡ್ಡಿಹಾಳ ಮತ್ತು ಮುರ್ಲಾಪೂರ ಫೀಡರ್‌ಗಳ 11 ಕೆವಿ ಮಾರ್ಗದಲ್ಲಿ ಅ.11, 13 ಮತ್ತು 15 ರಂದು ಬೆಳಿಗ್ಗೆ 10 ಗಂಟೆಯಿಂದ ಸಾಯಂಕಾಲ 4 ಗಂಟೆಯವರೆಗೆ ವಿದ್ಯುತ್ ವ್ಯತ್ಯಯವಾಗಲಿದ್ದು, ಸಾರ್ವಜನಿಕರು ಸಹಕರಿಸಬೇಕು. ಅಳವಂಡಿ ಗ್ರಾಮದಲ್ಲಿ ರಸ್ತೆ ಅಗಲೀಕರಣ ಕಾಮಗಾರಿ ಕೆಲಸವು ಪ್ರಗತಿಯಲ್ಲಿದ್ದು, ಯಾವುದೇ ಸಮಯದಲ್ಲಿ ವಿದ್ಯುತ್ ಸರಬರಾಜು ಮಾಡಲಾಗುವುದು. ಆದ್ದರಿಂದ ಸಾರ್ವಜನಿಕರು ಯಾವುದೇ ತರಹದ ವಿದ್ಯುತ್ ದುರಸ್ಥಿ ಕೆಲಸ-ಕಾರ್ಯಗಳನ್ನು ಮಾಡಬಾರದೆಂದು ಈ ಮೂಲಕ ಕೋರಲಾಗಿದೆ. ಒಂದು ವೇಳೆ ವಿದ್ಯುತ್ ಅಪಘಾತ ಸಂಭವಿಸಿದಲ್ಲಿ ಕಂಪನಿಯು ಜವಾಬ್ದಾರರಾಗಿರುವುದಿಲ್ಲ ಎಂದು ಜೆಸ್ಕಾಂ ಕೊಪ್ಪಳ ಕಾರ್ಯ ಮತ್ತು ಪಾಲನಾ ಉಪ ವಿಭಾಗದ ಸಹಾಯಕ ಕಾರ್ಯನಿರ್ವಾಹಕ ಅಭಿಯಂತರರು ಪ್ರಕಟಣೆಯಲ್ಲಿ ತಿಳಿಸಿದ್ದಾರೆ.
